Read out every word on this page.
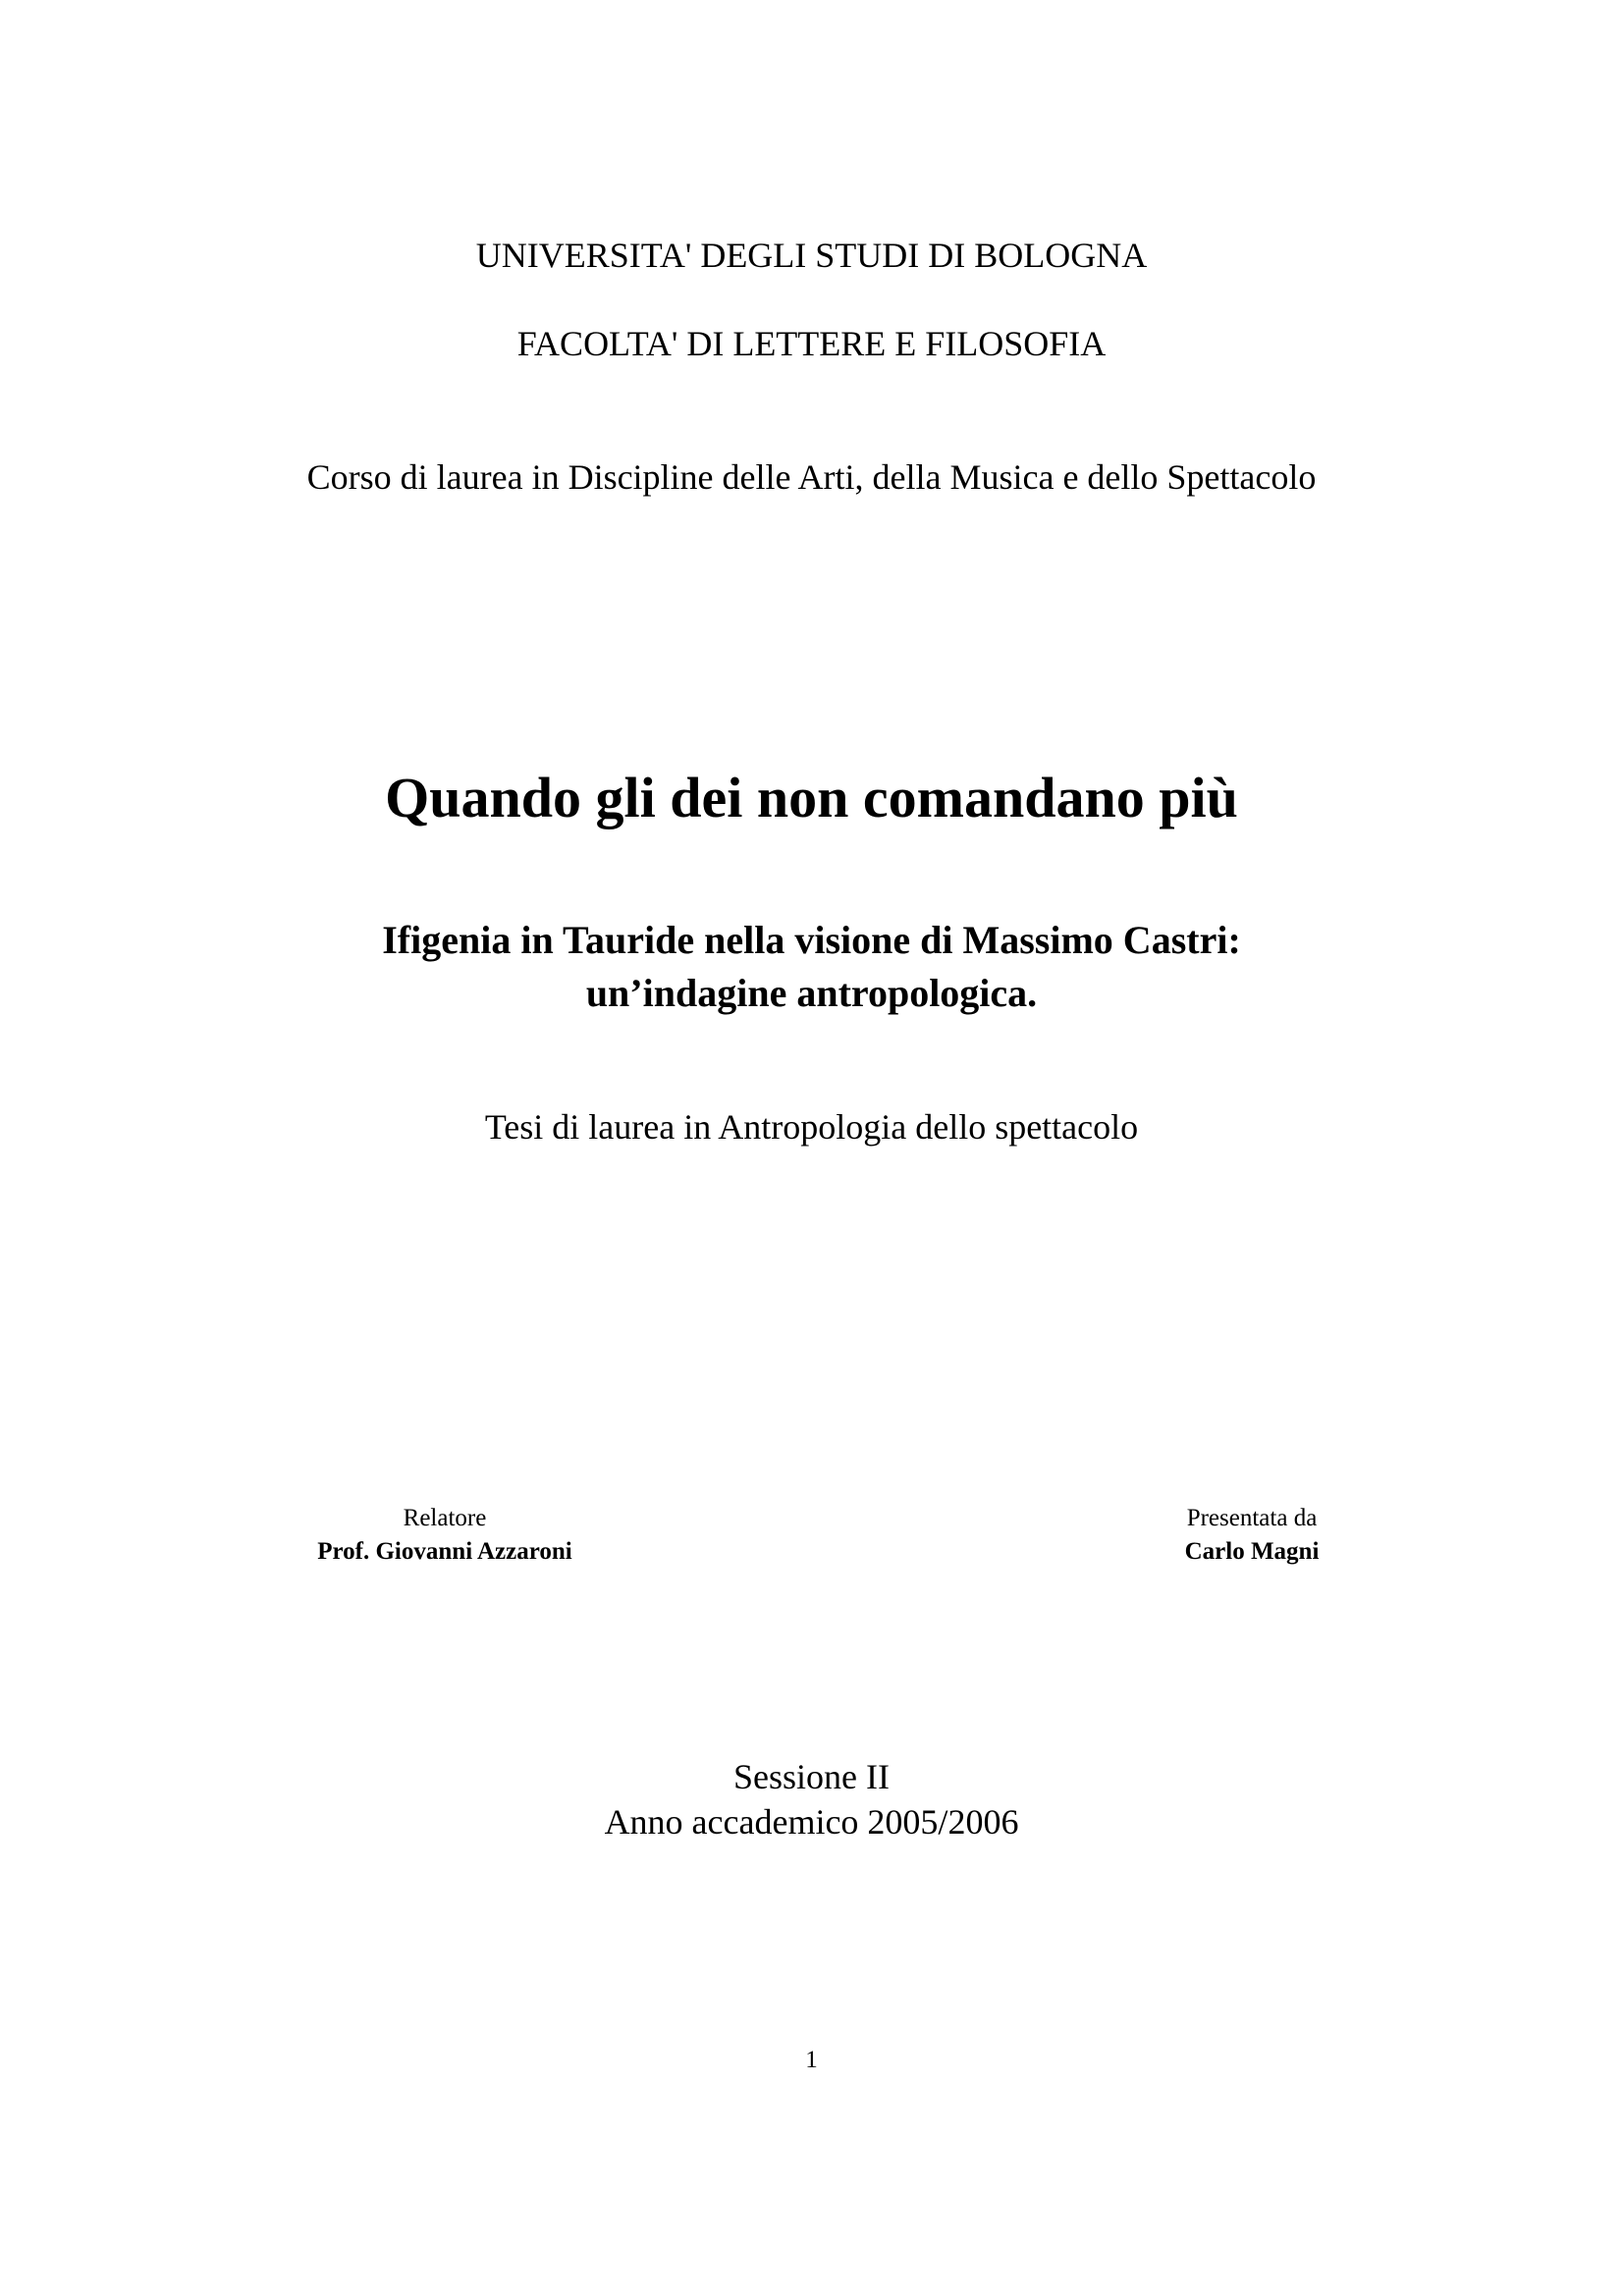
UNIVERSITA' DEGLI STUDI DI BOLOGNA
FACOLTA' DI LETTERE E FILOSOFIA
Corso di laurea in Discipline delle Arti, della Musica e dello Spettacolo
Quando gli dei non comandano più
Ifigenia in Tauride nella visione di Massimo Castri:
un’indagine antropologica.
Tesi di laurea in Antropologia dello spettacolo
Relatore
Prof. Giovanni Azzaroni
Presentata da
Carlo Magni
Sessione II
Anno accademico 2005/2006
1
